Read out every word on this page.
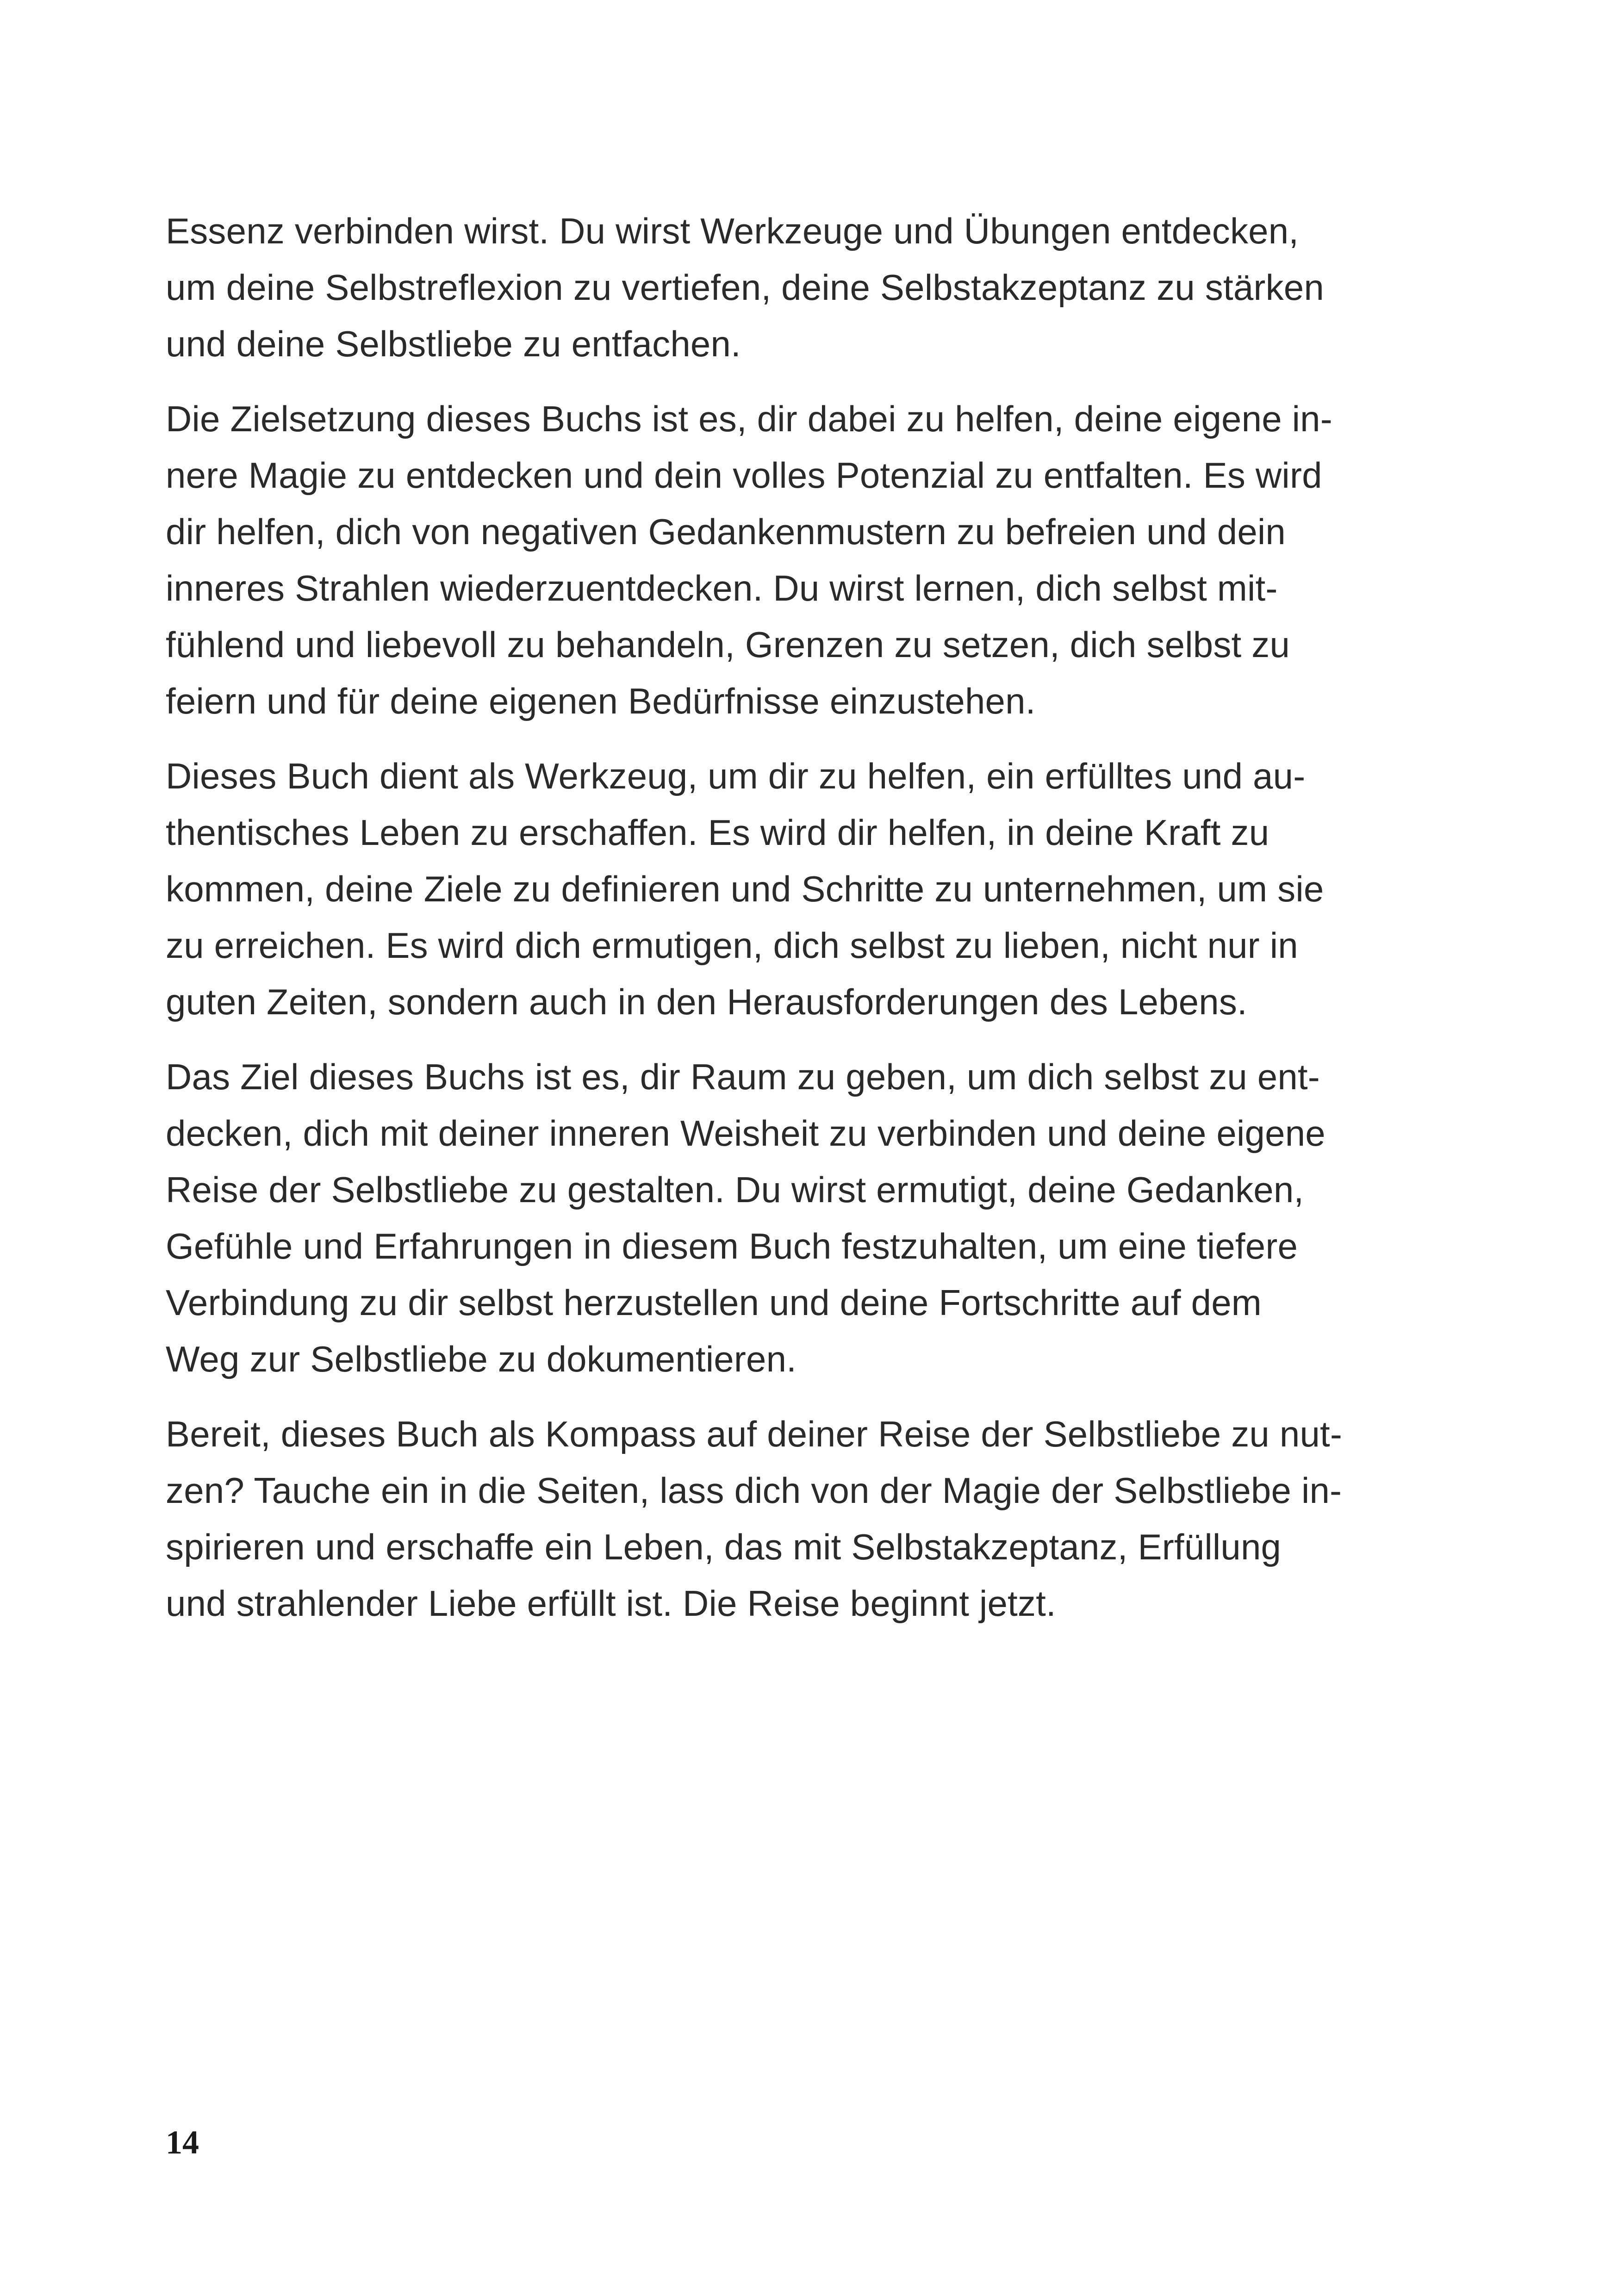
Essenz verbinden wirst. Du wirst Werkzeuge und Übungen entdecken,
um deine Selbstreflexion zu vertiefen, deine Selbstakzeptanz zu stärken
und deine Selbstliebe zu entfachen.

Die Zielsetzung dieses Buchs ist es, dir dabei zu helfen, deine eigene in-
nere Magie zu entdecken und dein volles Potenzial zu entfalten. Es wird
dir helfen, dich von negativen Gedankenmustern zu befreien und dein
inneres Strahlen wiederzuentdecken. Du wirst lernen, dich selbst mit-
fühlend und liebevoll zu behandeln, Grenzen zu setzen, dich selbst zu
feiern und für deine eigenen Bedürfnisse einzustehen.

Dieses Buch dient als Werkzeug, um dir zu helfen, ein erfülltes und au-
thentisches Leben zu erschaffen. Es wird dir helfen, in deine Kraft zu
kommen, deine Ziele zu definieren und Schritte zu unternehmen, um sie
zu erreichen. Es wird dich ermutigen, dich selbst zu lieben, nicht nur in
guten Zeiten, sondern auch in den Herausforderungen des Lebens.

Das Ziel dieses Buchs ist es, dir Raum zu geben, um dich selbst zu ent-
decken, dich mit deiner inneren Weisheit zu verbinden und deine eigene
Reise der Selbstliebe zu gestalten. Du wirst ermutigt, deine Gedanken,
Gefühle und Erfahrungen in diesem Buch festzuhalten, um eine tiefere
Verbindung zu dir selbst herzustellen und deine Fortschritte auf dem
Weg zur Selbstliebe zu dokumentieren.

Bereit, dieses Buch als Kompass auf deiner Reise der Selbstliebe zu nut-
zen? Tauche ein in die Seiten, lass dich von der Magie der Selbstliebe in-
spirieren und erschaffe ein Leben, das mit Selbstakzeptanz, Erfüllung
und strahlender Liebe erfüllt ist. Die Reise beginnt jetzt.

14
